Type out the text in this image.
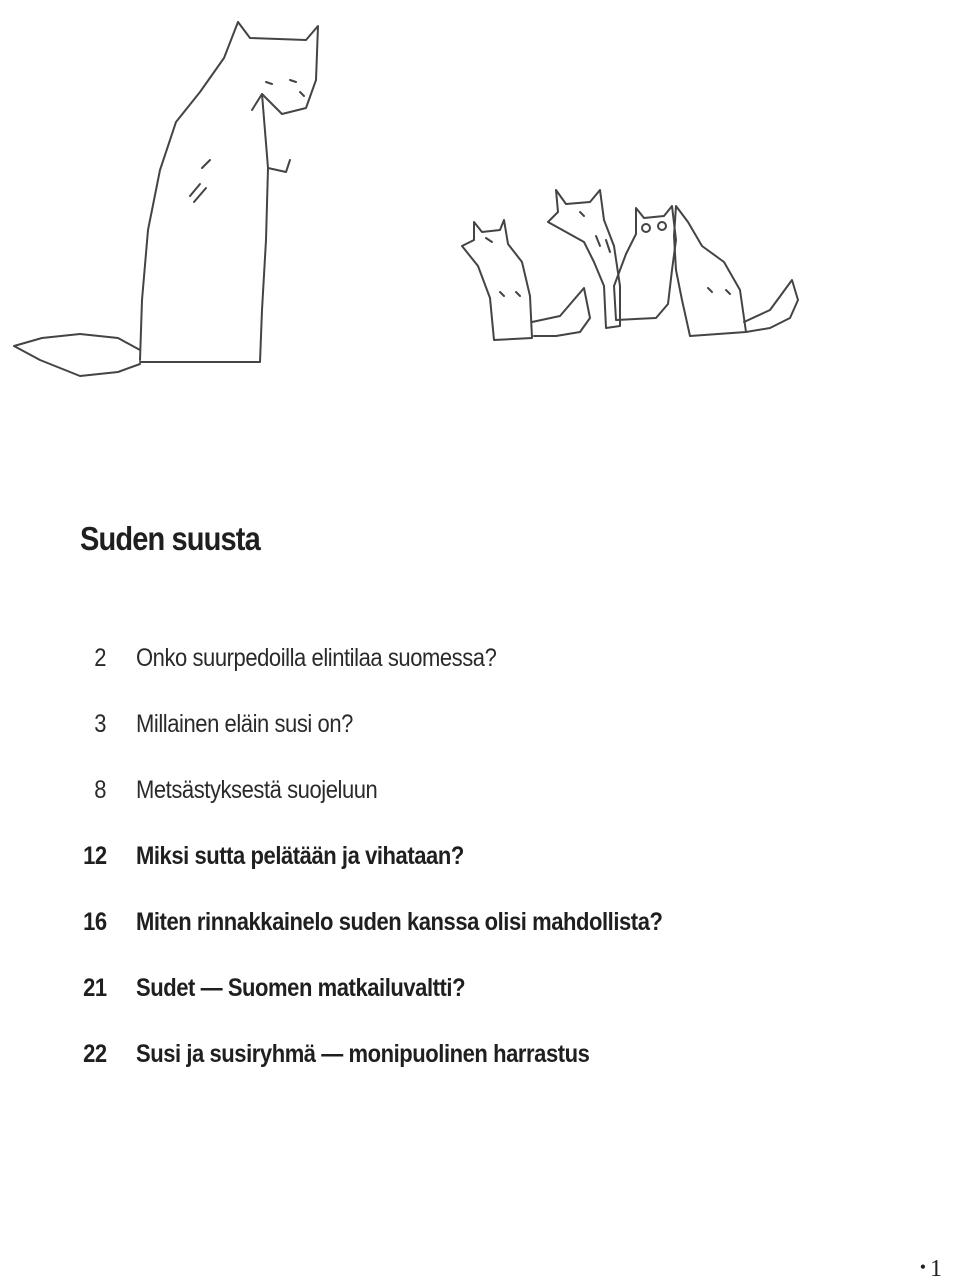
Suden suusta
2 Onko suurpedoilla elintilaa suomessa?
3 Millainen eläin susi on?
8 Metsästyksestä suojeluun
12 Miksi sutta pelätään ja vihataan?
16 Miten rinnakkainelo suden kanssa olisi mahdollista?
21 Sudet — Suomen matkailuvaltti?
22 Susi ja susiryhmä — monipuolinen harrastus
• 1
